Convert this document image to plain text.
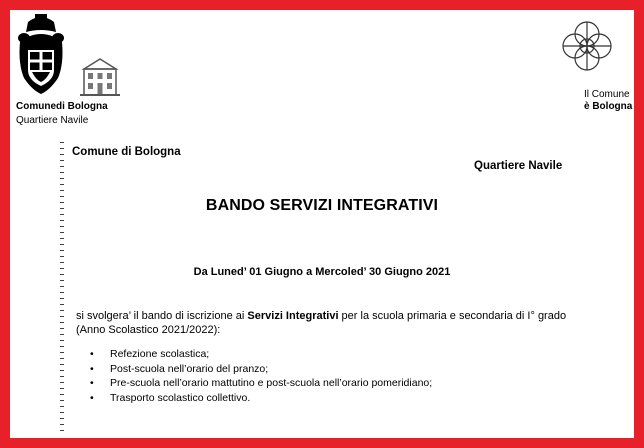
Comunedi Bologna
Quartiere Navile
Il Comune
è Bologna
Comune di Bologna
Quartiere Navile
BANDO SERVIZI INTEGRATIVI
Da Luned’ 01 Giugno a Mercoled’ 30 Giugno 2021
si svolgera’ il bando di iscrizione ai Servizi Integrativi per la scuola primaria e secondaria di I° grado (Anno Scolastico 2021/2022):
• Refezione scolastica;
• Post-scuola nell’orario del pranzo;
• Pre-scuola nell’orario mattutino e post-scuola nell’orario pomeridiano;
• Trasporto scolastico collettivo.
